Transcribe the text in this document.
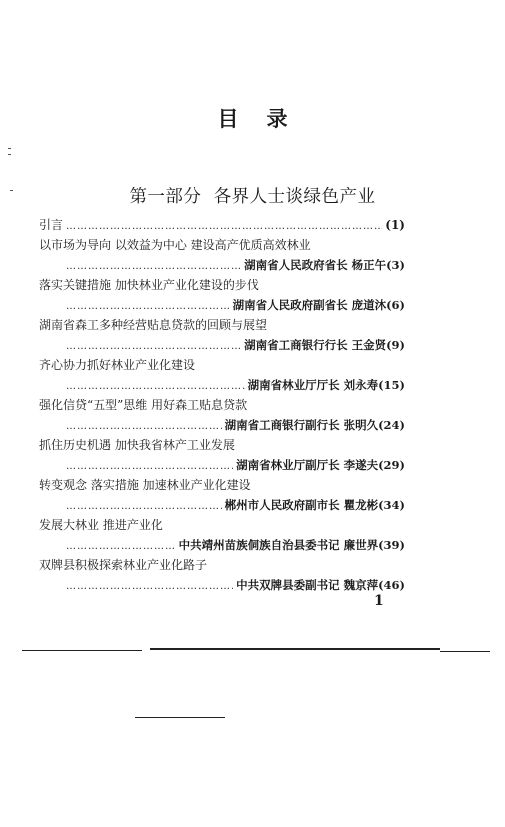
目录
第一部分  各界人士谈绿色产业
引言
…………………………………………………………………………………………………………	(1)
以市场为导向 以效益为中心 建设高产优质高效林业
…………………………………………………………………………………………………………
湖南省人民政府省长 杨正午 (3)
落实关键措施 加快林业产业化建设的步伐
…………………………………………………………………………………………………………
湖南省人民政府副省长 庞道沐 (6)
湖南省森工多种经营贴息贷款的回顾与展望
…………………………………………………………………………………………………………
湖南省工商银行行长 王金贤 (9)
齐心协力抓好林业产业化建设
…………………………………………………………………………………………………………
湖南省林业厅厅长 刘永寿 (15)
强化信贷“五型”思维 用好森工贴息贷款
…………………………………………………………………………………………………………
湖南省工商银行副行长 张明久 (24)
抓住历史机遇 加快我省林产工业发展
…………………………………………………………………………………………………………
湖南省林业厅副厅长 李遂夫 (29)
转变观念 落实措施 加速林业产业化建设
…………………………………………………………………………………………………………
郴州市人民政府副市长 瞿龙彬 (34)
发展大林业 推进产业化
…………………………………………………………………………………………………………
中共靖州苗族侗族自治县委书记 廉世界 (39)
双牌县积极探索林业产业化路子
…………………………………………………………………………………………………………
中共双牌县委副书记 魏京萍 (46)
1
